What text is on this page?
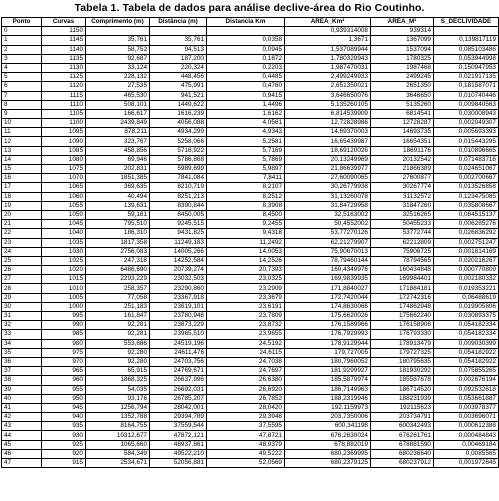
Tabela 1. Tabela de dados para análise declive-área do Rio Coutinho.
Ponto	Curvas	Comprimento (m)	Distância (m)	Distancia Km	AREA_Km²	AREA_M²	S_DECLIVIDADE
0	1150				0,939314008	939314	
1	1145	35,761	35,761	0,0358	1,3671	1367099	0,139817119
2	1140	58,752	94,513	0,0945	1,537089944	1537094	0,085103486
3	1135	92,687	187,200	0,1872	1,780329943	1780325	0,053944998
4	1130	33,124	220,324	0,2203	1,987470031	1987468	0,150947953
5	1125	228,132	448,456	0,4485	2,499249933	2499245	0,021917135
6	1120	27,535	475,991	0,4760	2,651350021	2651350	0,181587071
7	1115	465,530	941,521	0,9415	3,646650076	3646650	0,010740446
8	1110	508,101	1449,622	1,4496	5,135260105	5135260	0,009840563
9	1105	166,617	1616,239	1,6162	6,814539909	6814541	0,030008943
10	1100	2439,849	4056,088	4,0561	12,72828986	12728287	0,002049307
11	1095	878,211	4934,299	4,9343	14,69370003	14693735	0,005693393
12	1090	323,767	5258,066	5,2581	16,65439987	16654351	0,015443295
13	1085	458,856	5716,922	5,7169	18,69120026	18691176	0,010896665
14	1080	69,946	5786,868	5,7869	20,13249969	20132542	0,071483716
15	1075	202,831	5989,699	5,9897	21,86639977	21866389	0,024651067
16	1070	1851,385	7841,084	7,8411	27,60090065	27600877	0,002700667
17	1065	369,635	8210,719	8,2107	30,26779938	30267774	0,013526858
18	1060	40,494	8251,213	8,2512	31,13260078	31132572	0,123475085
19	1055	139,631	8390,844	8,3908	31,84729958	31847260	0,035808667
20	1050	59,161	8450,005	8,4500	32,5163002	32516265	0,084515137
21	1045	795,510	9245,515	9,2455	50,4552002	50455233	0,006285276
22	1040	186,310	9431,825	9,4318	53,77270126	53772744	0,026836292
23	1035	1817,358	11249,183	11,2492	62,21279907	62212809	0,002751247
24	1030	2756,083	14005,266	14,0053	75,90670013	75906725	0,001814169
25	1025	247,318	14252,584	14,2526	78,79460144	78794565	0,020216267
26	1020	6486,690	20739,274	20,7393	160,4349976	160434848	0,000770809
27	1015	2293,229	23032,503	23,0325	169,9839935	169984401	0,002180332
28	1010	258,357	23290,860	23,2909	171,8840027	171884181	0,019353221
29	1005	77,058	23367,918	23,3679	172,7420044	172742316	0,06488619
30	1000	251,183	23619,101	23,6191	174,8630066	174862948	0,019905806
31	995	161,847	23780,948	23,7809	175,6620026	175662240	0,030893375
32	990	92,281	23873,229	23,8732	176,1589966	176158908	0,054182334
33	985	92,281	23965,510	23,9655	176,7929993	176793330	0,054182334
34	980	553,686	24519,196	24,5192	178,9129944	178913479	0,009030399
35	975	92,280	24611,476	24,6115	179,727005	179727325	0,054182922
36	970	92,280	24703,756	24,7038	180,7960052	180795635	0,054182922
37	965	65,915	24769,671	24,7697	181,9299927	181930292	0,075855265
38	960	1868,325	26637,996	26,6380	185,5879974	185587678	0,002676194
39	955	54,035	26692,031	26,6920	186,7149963	186714520	0,092532618
40	950	93,176	26785,207	26,7852	188,2319946	188231939	0,053661887
41	945	1256,794	28042,001	28,0420	192,1159973	192115623	0,003978377
42	940	1352,788	29394,789	29,3948	203,7350006	203734791	0,003696071
43	935	8164,755	37559,544	37,5595	600,341198	600342493	0,000612388
44	930	10312,677	47872,121	47,8721	676,2630024	676261761	0,000484843
45	925	1065,660	48937,861	48,9379	678,882019	678881590	0,00469184
46	920	584,349	49522,210	49,5222	680,2369995	680236640	0,0085565
47	915	2534,671	52056,881	52,0569	680,2379125	680237912	0,001972645
